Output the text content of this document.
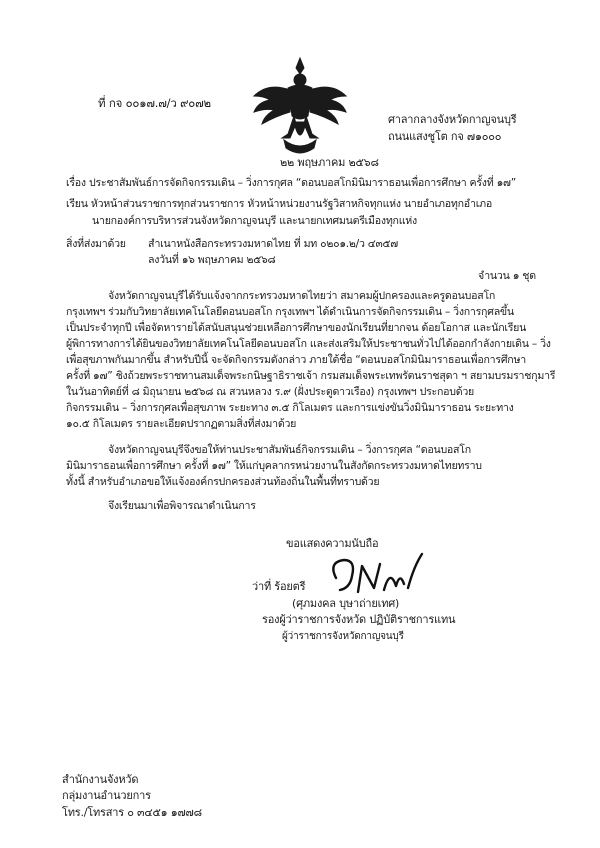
ที่ กจ ๐๐๑๗.๗/ว ๙๐๗๒
ศาลากลางจังหวัดกาญจนบุรี
ถนนแสงชูโต กจ ๗๑๐๐๐
๒๒ พฤษภาคม ๒๕๖๘
เรื่อง ประชาสัมพันธ์การจัดกิจกรรมเดิน – วิ่งการกุศล “ดอนบอสโกมินิมาราธอนเพื่อการศึกษา ครั้งที่ ๑๗”
เรียน หัวหน้าส่วนราชการทุกส่วนราชการ หัวหน้าหน่วยงานรัฐวิสาหกิจทุกแห่ง นายอำเภอทุกอำเภอ
นายกองค์การบริหารส่วนจังหวัดกาญจนบุรี และนายกเทศมนตรีเมืองทุกแห่ง
สิ่งที่ส่งมาด้วย สำเนาหนังสือกระทรวงมหาดไทย ที่ มท ๐๒๐๑.๒/ว ๔๓๕๗
ลงวันที่ ๑๖ พฤษภาคม ๒๕๖๘
จำนวน ๑ ชุด
จังหวัดกาญจนบุรีได้รับแจ้งจากกระทรวงมหาดไทยว่า สมาคมผู้ปกครองและครูดอนบอสโก
กรุงเทพฯ ร่วมกับวิทยาลัยเทคโนโลยีดอนบอสโก กรุงเทพฯ ได้ดำเนินการจัดกิจกรรมเดิน – วิ่งการกุศลขึ้น
เป็นประจำทุกปี เพื่อจัดหารายได้สนับสนุนช่วยเหลือการศึกษาของนักเรียนที่ยากจน ด้อยโอกาส และนักเรียน
ผู้พิการทางการได้ยินของวิทยาลัยเทคโนโลยีดอนบอสโก และส่งเสริมให้ประชาชนทั่วไปได้ออกกำลังกายเดิน – วิ่ง
เพื่อสุขภาพกันมากขึ้น สำหรับปีนี้ จะจัดกิจกรรมดังกล่าว ภายใต้ชื่อ “ดอนบอสโกมินิมาราธอนเพื่อการศึกษา
ครั้งที่ ๑๗” ชิงถ้วยพระราชทานสมเด็จพระกนิษฐาธิราชเจ้า กรมสมเด็จพระเทพรัตนราชสุดา ฯ สยามบรมราชกุมารี
ในวันอาทิตย์ที่ ๘ มิถุนายน ๒๕๖๘ ณ สวนหลวง ร.๙ (ฝั่งประตูดาวเรือง) กรุงเทพฯ ประกอบด้วย
กิจกรรมเดิน – วิ่งการกุศลเพื่อสุขภาพ ระยะทาง ๓.๕ กิโลเมตร และการแข่งขันวิ่งมินิมาราธอน ระยะทาง
๑๐.๕ กิโลเมตร รายละเอียดปรากฏตามสิ่งที่ส่งมาด้วย
จังหวัดกาญจนบุรีจึงขอให้ท่านประชาสัมพันธ์กิจกรรมเดิน – วิ่งการกุศล “ดอนบอสโก
มินิมาราธอนเพื่อการศึกษา ครั้งที่ ๑๗” ให้แก่บุคลากรหน่วยงานในสังกัดกระทรวงมหาดไทยทราบ
ทั้งนี้ สำหรับอำเภอขอให้แจ้งองค์กรปกครองส่วนท้องถิ่นในพื้นที่ทราบด้วย
จึงเรียนมาเพื่อพิจารณาดำเนินการ
ขอแสดงความนับถือ
ว่าที่ ร้อยตรี
(ศุภมงคล บุษาถ่ายเทศ)
รองผู้ว่าราชการจังหวัด ปฏิบัติราชการแทน
ผู้ว่าราชการจังหวัดกาญจนบุรี
สำนักงานจังหวัด
กลุ่มงานอำนวยการ
โทร./โทรสาร ๐ ๓๔๕๑ ๑๗๗๘
